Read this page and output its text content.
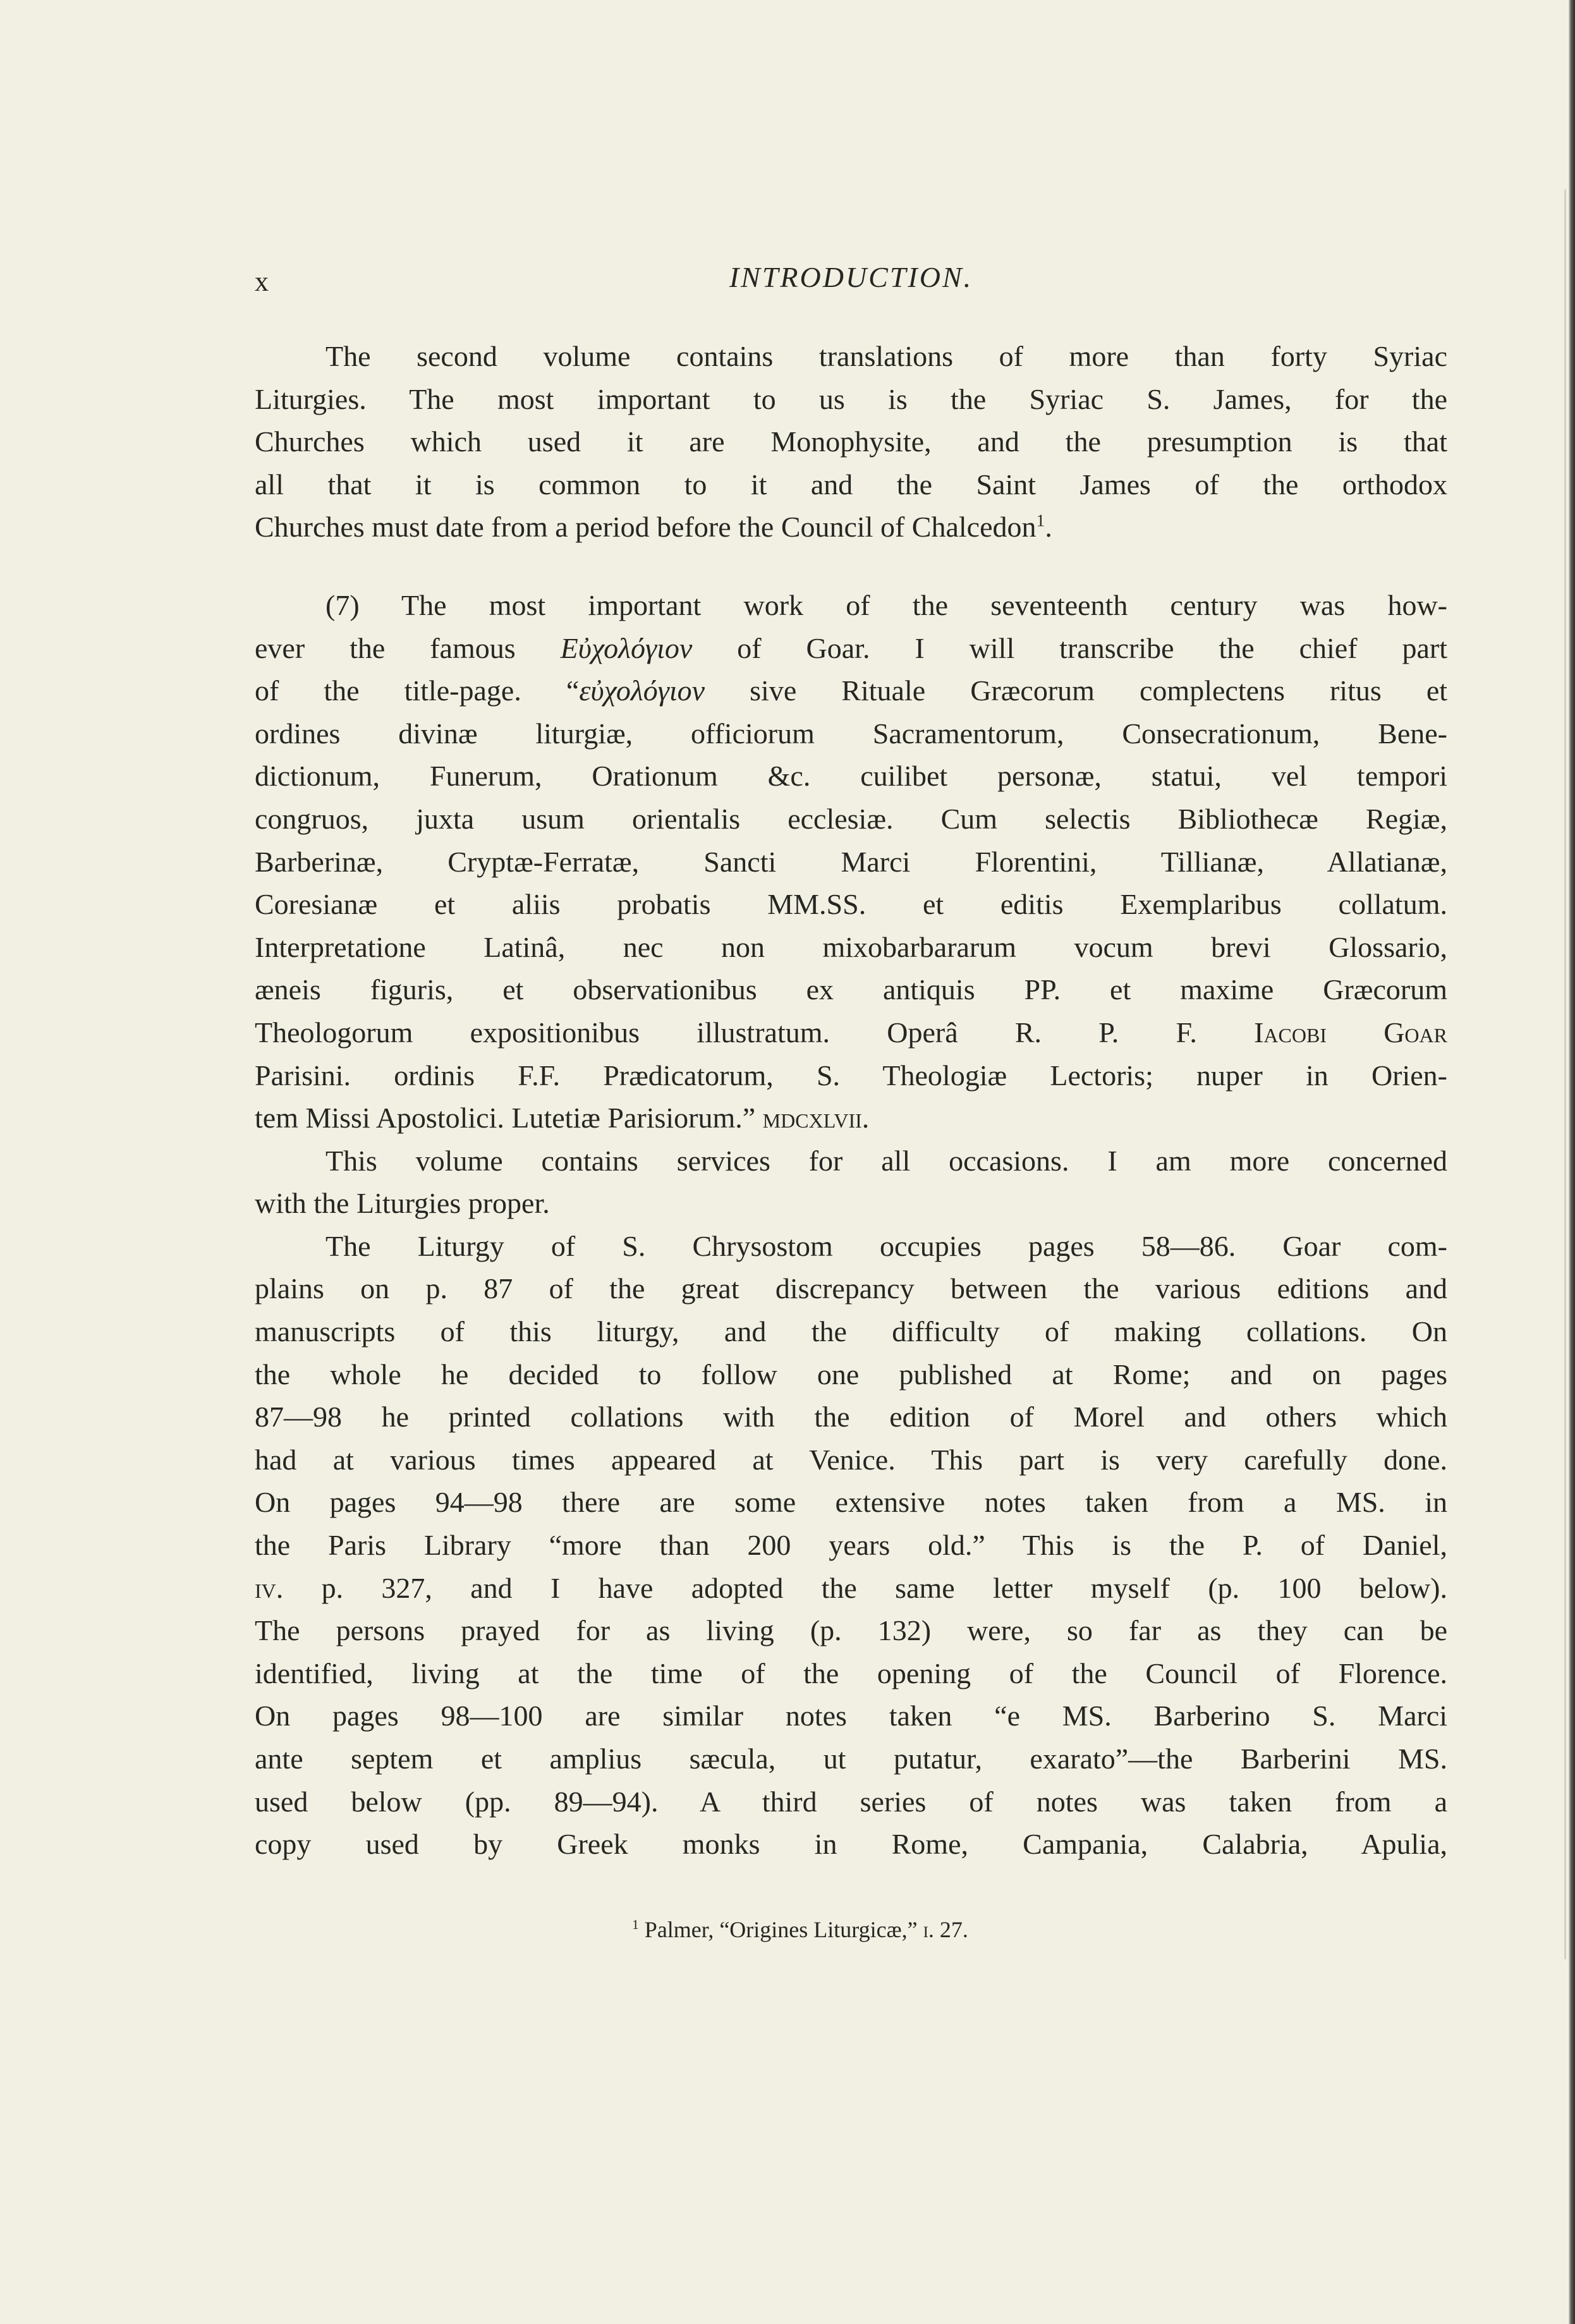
x	INTRODUCTION.
The second volume contains translations of more than forty Syriac
Liturgies. The most important to us is the Syriac S. James, for the
Churches which used it are Monophysite, and the presumption is that
all that it is common to it and the Saint James of the orthodox
Churches must date from a period before the Council of Chalcedon$^1$.
(7) The most important work of the seventeenth century was how-
ever the famous Εὐχολόγιον of Goar. I will transcribe the chief part
of the title-page. “εὐχολόγιον sive Rituale Græcorum complectens ritus et
ordines divinæ liturgiæ, officiorum Sacramentorum, Consecrationum, Bene-
dictionum, Funerum, Orationum &c. cuilibet personæ, statui, vel tempori
congruos, juxta usum orientalis ecclesiæ. Cum selectis Bibliothecæ Regiæ,
Barberinæ, Cryptæ-Ferratæ, Sancti Marci Florentini, Tillianæ, Allatianæ,
Coresianæ et aliis probatis MM.SS. et editis Exemplaribus collatum.
Interpretatione Latinâ, nec non mixobarbararum vocum brevi Glossario,
æneis figuris, et observationibus ex antiquis PP. et maxime Græcorum
Theologorum expositionibus illustratum. Operâ R. P. F. Iacobi Goar
Parisini. ordinis F.F. Prædicatorum, S. Theologiæ Lectoris; nuper in Orien-
tem Missi Apostolici. Lutetiæ Parisiorum.” mdcxlvii.
This volume contains services for all occasions. I am more concerned
with the Liturgies proper.
The Liturgy of S. Chrysostom occupies pages 58—86. Goar com-
plains on p. 87 of the great discrepancy between the various editions and
manuscripts of this liturgy, and the difficulty of making collations. On
the whole he decided to follow one published at Rome; and on pages
87—98 he printed collations with the edition of Morel and others which
had at various times appeared at Venice. This part is very carefully done.
On pages 94—98 there are some extensive notes taken from a MS. in
the Paris Library “more than 200 years old.” This is the P. of Daniel,
iv. p. 327, and I have adopted the same letter myself (p. 100 below).
The persons prayed for as living (p. 132) were, so far as they can be
identified, living at the time of the opening of the Council of Florence.
On pages 98—100 are similar notes taken “e MS. Barberino S. Marci
ante septem et amplius sæcula, ut putatur, exarato”—the Barberini MS.
used below (pp. 89—94). A third series of notes was taken from a
copy used by Greek monks in Rome, Campania, Calabria, Apulia,
$^1$ Palmer, “Origines Liturgicæ,” i. 27.
